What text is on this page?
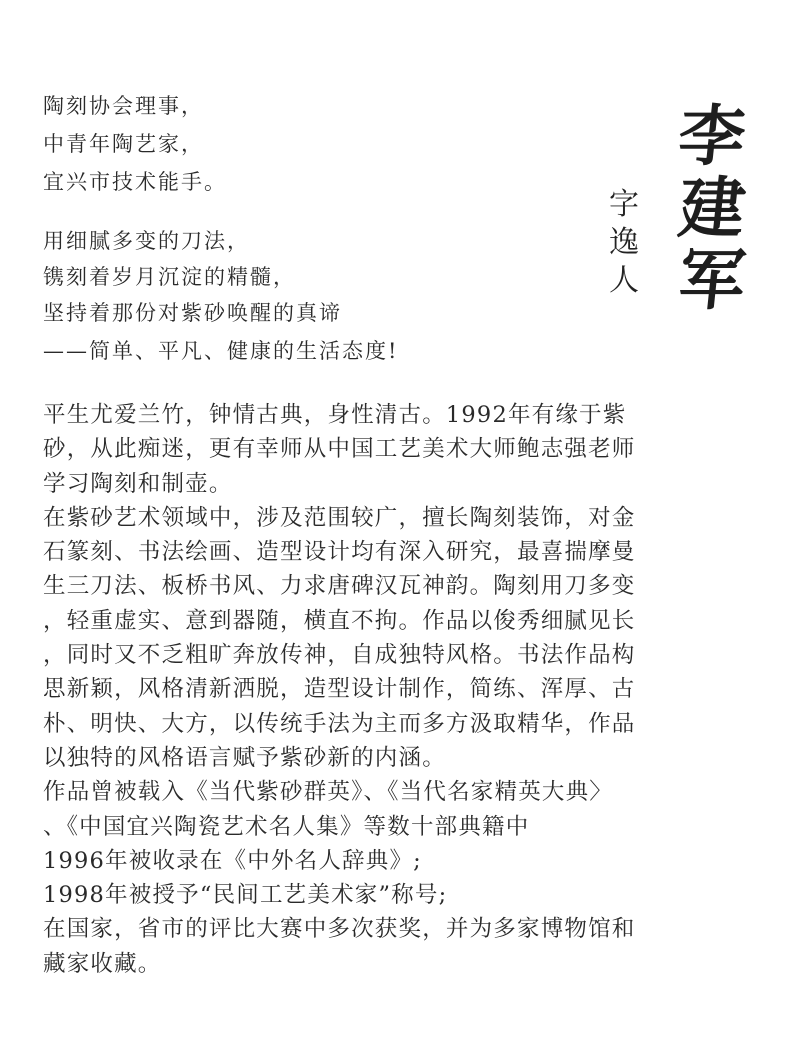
李
建
军
字
逸
人
陶刻协会理事，
中青年陶艺家，
宜兴市技术能手。
用细腻多变的刀法，
镌刻着岁月沉淀的精髓，
坚持着那份对紫砂唤醒的真谛
——简单、平凡、健康的生活态度!
平生尤爱兰竹，钟情古典，身性清古。1992年有缘于紫
砂，从此痴迷，更有幸师从中国工艺美术大师鲍志强老师
学习陶刻和制壶。
在紫砂艺术领域中，涉及范围较广，擅长陶刻装饰，对金
石篆刻、书法绘画、造型设计均有深入研究，最喜揣摩曼
生三刀法、板桥书风、力求唐碑汉瓦神韵。陶刻用刀多变
，轻重虚实、意到器随，横直不拘。作品以俊秀细腻见长
，同时又不乏粗旷奔放传神，自成独特风格。书法作品构
思新颖，风格清新洒脱，造型设计制作，简练、浑厚、古
朴、明快、大方，以传统手法为主而多方汲取精华，作品
以独特的风格语言赋予紫砂新的内涵。
作品曾被载入《当代紫砂群英》、《当代名家精英大典〉
、《中国宜兴陶瓷艺术名人集》等数十部典籍中
1996年被收录在《中外名人辞典》;
1998年被授予“民间工艺美术家”称号;
在国家，省市的评比大赛中多次获奖，并为多家博物馆和
藏家收藏。
